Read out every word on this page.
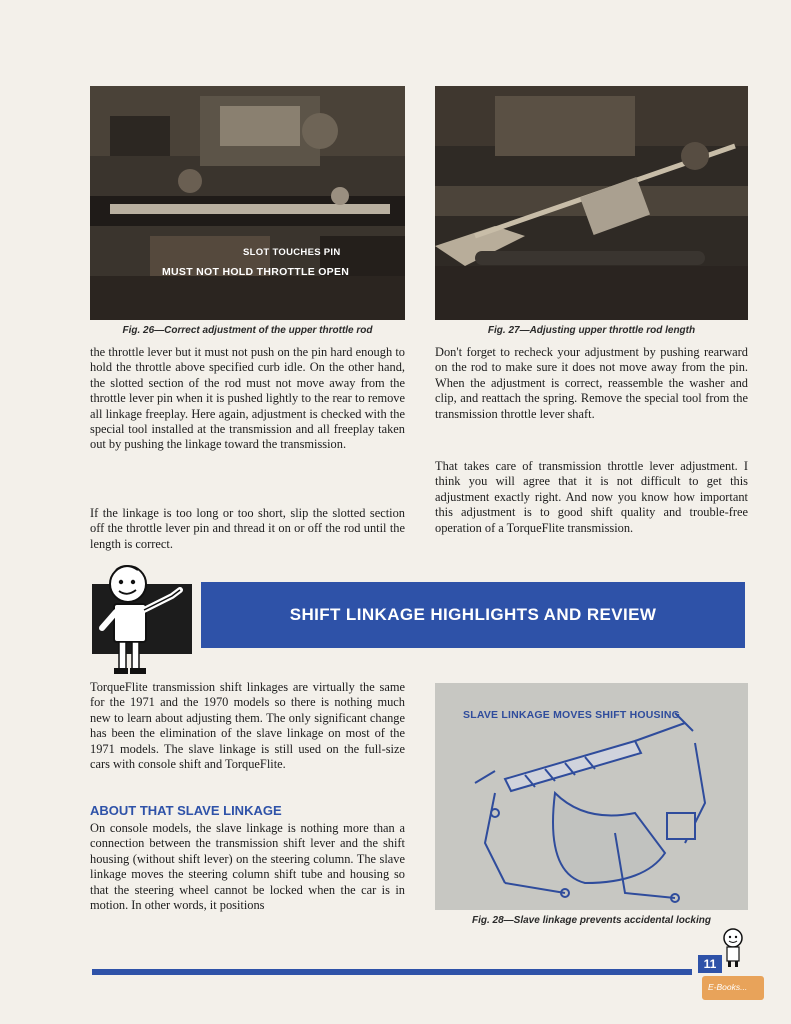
SLOT TOUCHES PIN
MUST NOT HOLD THROTTLE OPEN
Fig. 26—Correct adjustment of the upper throttle rod	Fig. 27—Adjusting upper throttle rod length

the throttle lever but it must not push on the pin hard enough to hold the throttle above specified curb idle. On the other hand, the slotted section of the rod must not move away from the throttle lever pin when it is pushed lightly to the rear to remove all linkage freeplay. Here again, adjustment is checked with the special tool installed at the transmission and all freeplay taken out by pushing the linkage toward the transmission.

If the linkage is too long or too short, slip the slotted section off the throttle lever pin and thread it on or off the rod until the length is correct.

Don't forget to recheck your adjustment by pushing rearward on the rod to make sure it does not move away from the pin. When the adjustment is correct, reassemble the washer and clip, and reattach the spring. Remove the special tool from the transmission throttle lever shaft.

That takes care of transmission throttle lever adjustment. I think you will agree that it is not difficult to get this adjustment exactly right. And now you know how important this adjustment is to good shift quality and trouble-free operation of a TorqueFlite transmission.

SHIFT LINKAGE HIGHLIGHTS AND REVIEW

TorqueFlite transmission shift linkages are virtually the same for the 1971 and the 1970 models so there is nothing much new to learn about adjusting them. The only significant change has been the elimination of the slave linkage on most of the 1971 models. The slave linkage is still used on the full-size cars with console shift and TorqueFlite.

ABOUT THAT SLAVE LINKAGE

On console models, the slave linkage is nothing more than a connection between the transmission shift lever and the shift housing (without shift lever) on the steering column. The slave linkage moves the steering column shift tube and housing so that the steering wheel cannot be locked when the car is in motion. In other words, it positions

SLAVE LINKAGE MOVES SHIFT HOUSING
Fig. 28—Slave linkage prevents accidental locking
11
E-Books...
